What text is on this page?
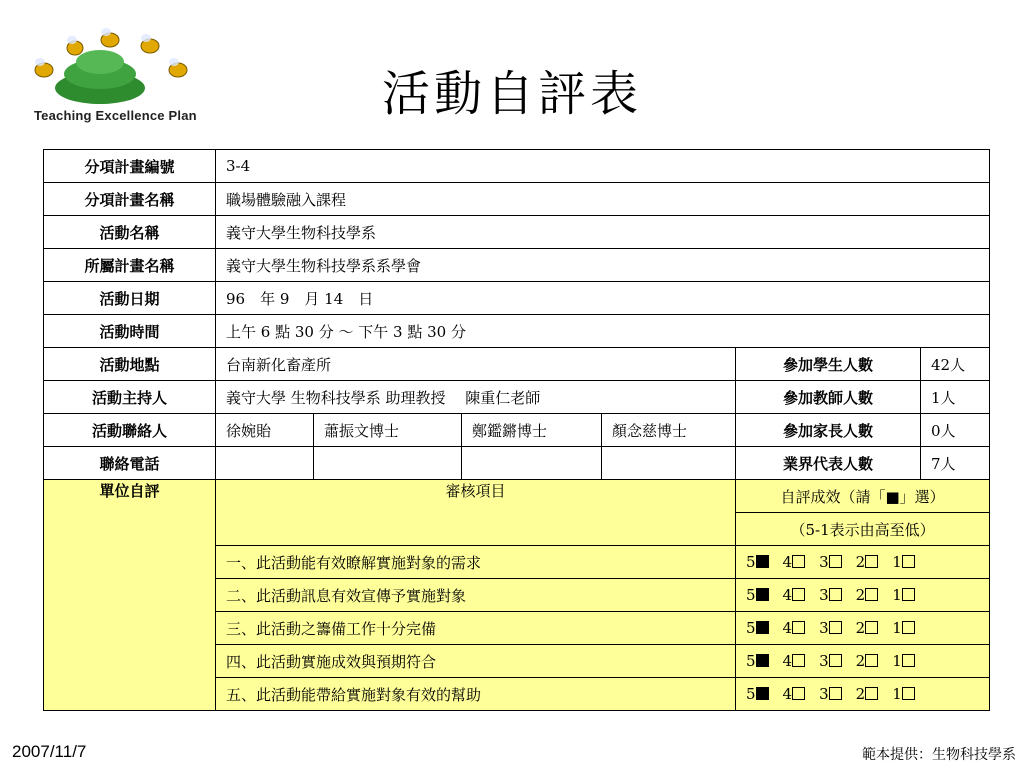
Teaching Excellence Plan	活動自評表
分項計畫編號	3-4					
分項計畫名稱	職場體驗融入課程					
活動名稱	義守大學生物科技學系					
所屬計畫名稱	義守大學生物科技學系系學會					
活動日期	96　年 9　月 14　日					
活動時間	上午 6 點 30 分 ～ 下午 3 點 30 分					
活動地點	台南新化畜產所				參加學生人數	42人
活動主持人	義守大學 生物科技學系 助理教授　 陳重仁老師				參加教師人數	1人
活動聯絡人	徐婉貽	蕭振文博士	鄭鑑鏘博士	顏念慈博士	參加家長人數	0人
聯絡電話					業界代表人數	7人
單位自評	審核項目				自評成效（請「■」選）	
					（5-1表示由高至低）	
	一、此活動能有效瞭解實施對象的需求				5 4 3 2 1	
	二、此活動訊息有效宣傳予實施對象				5 4 3 2 1	
	三、此活動之籌備工作十分完備				5 4 3 2 1	
	四、此活動實施成效與預期符合				5 4 3 2 1	
	五、此活動能帶給實施對象有效的幫助				5 4 3 2 1	
2007/11/7	範本提供：生物科技學系
